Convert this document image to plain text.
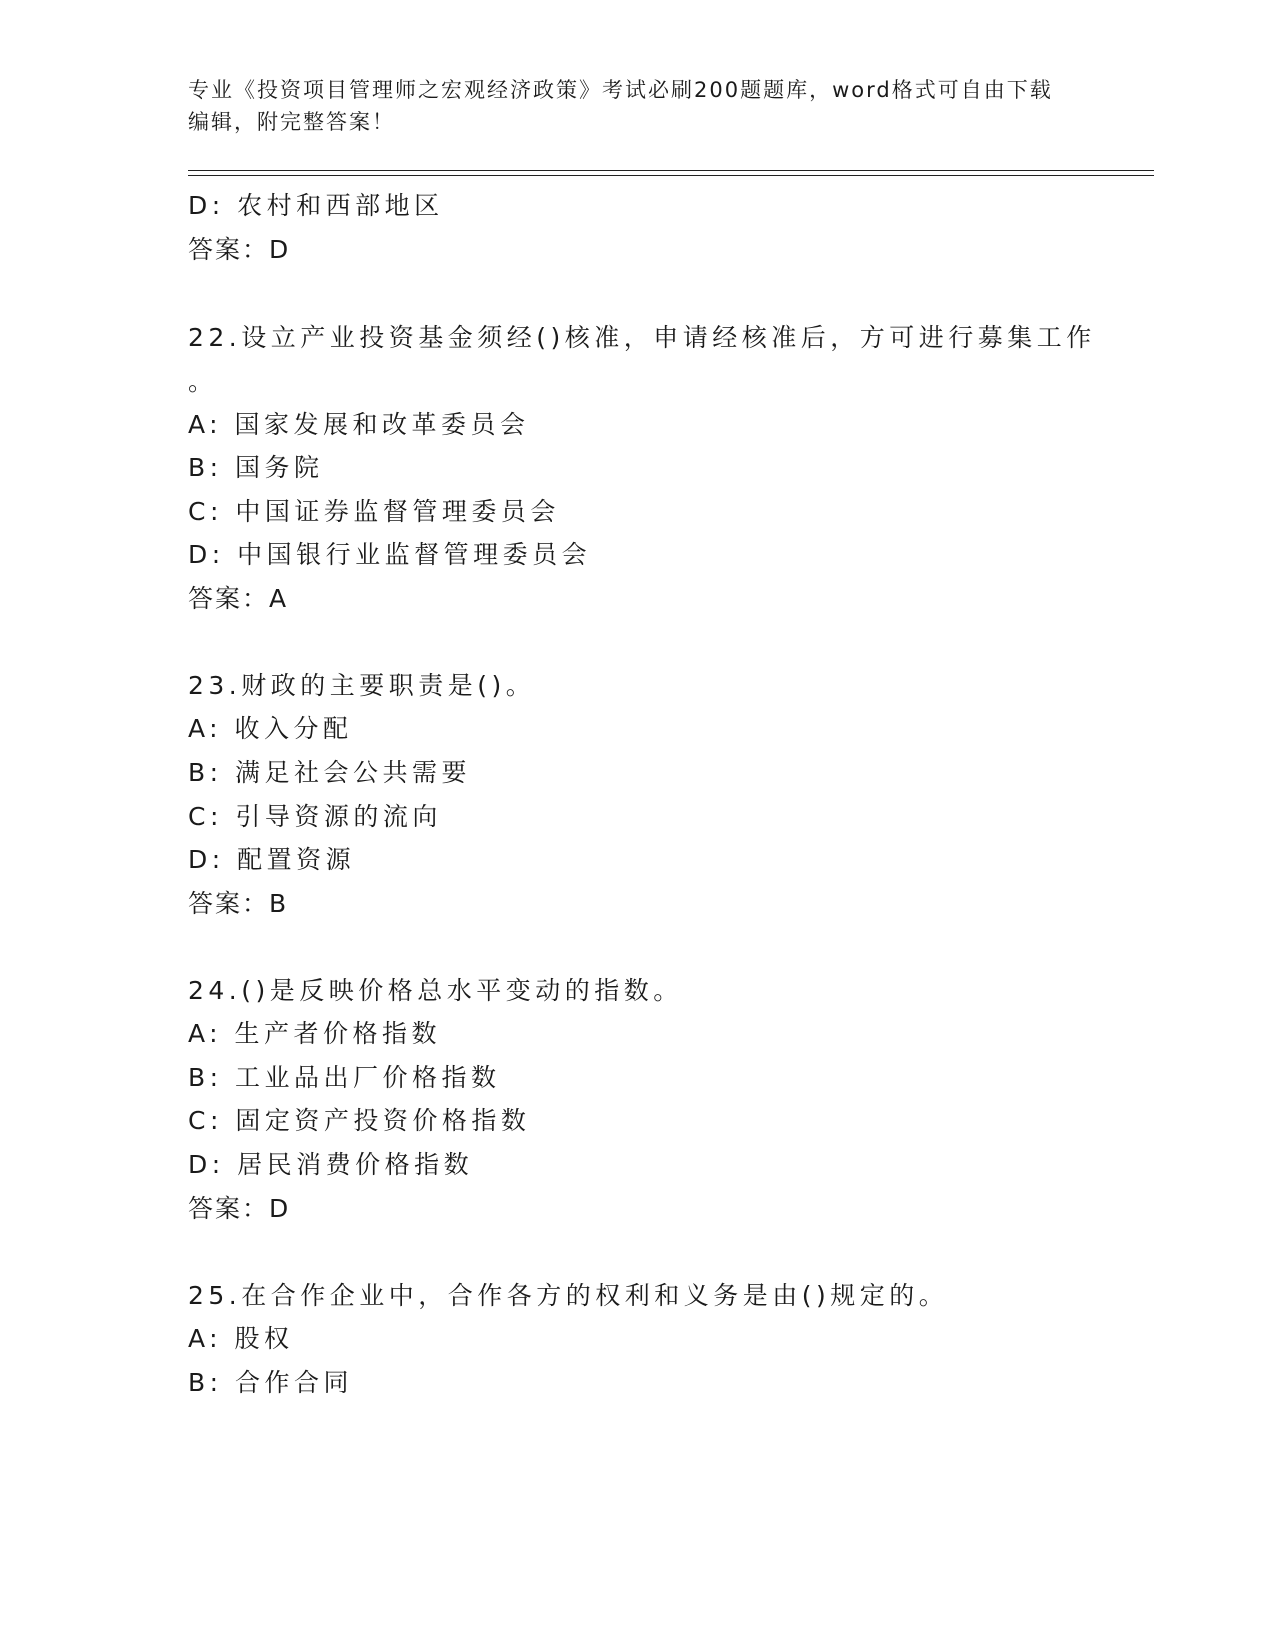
专业《投资项目管理师之宏观经济政策》考试必刷200题题库，word格式可自由下载编辑，附完整答案！
D: 农村和西部地区
答案：D
22.设立产业投资基金须经()核准，申请经核准后，方可进行募集工作
。
A: 国家发展和改革委员会
B: 国务院
C: 中国证券监督管理委员会
D: 中国银行业监督管理委员会
答案：A
23.财政的主要职责是()。
A: 收入分配
B: 满足社会公共需要
C: 引导资源的流向
D: 配置资源
答案：B
24.()是反映价格总水平变动的指数。
A: 生产者价格指数
B: 工业品出厂价格指数
C: 固定资产投资价格指数
D: 居民消费价格指数
答案：D
25.在合作企业中，合作各方的权利和义务是由()规定的。
A: 股权
B: 合作合同
